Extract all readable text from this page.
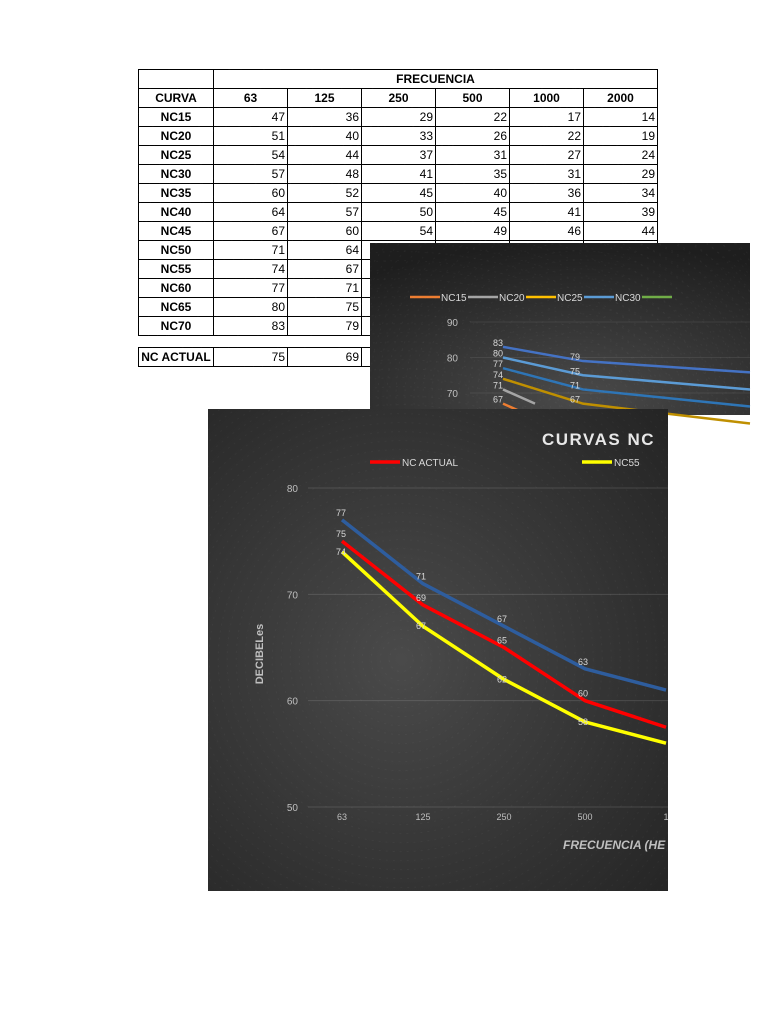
	FRECUENCIA					
CURVA	63	125	250	500	1000	2000
NC15	47	36	29	22	17	14
NC20	51	40	33	26	22	19
NC25	54	44	37	31	27	24
NC30	57	48	41	35	31	29
NC35	60	52	45	40	36	34
NC40	64	57	50	45	41	39
NC45	67	60	54	49	46	44
NC50	71	64				
NC55	74	67				
NC60	77	71				
NC65	80	75				
NC70	83	79				

NC ACTUAL	75	69				
NC15	NC20	NC25	NC30
90
80
70
83
79
80
75
77
71
74
67
71
67
CURVAS NC
NC ACTUAL	NC55
80
70
60
50
63	125	250	500	1
FRECUENCIA (HE
DECIBELes
77
71
67
63
75
69
65
60
74
67
62
58
